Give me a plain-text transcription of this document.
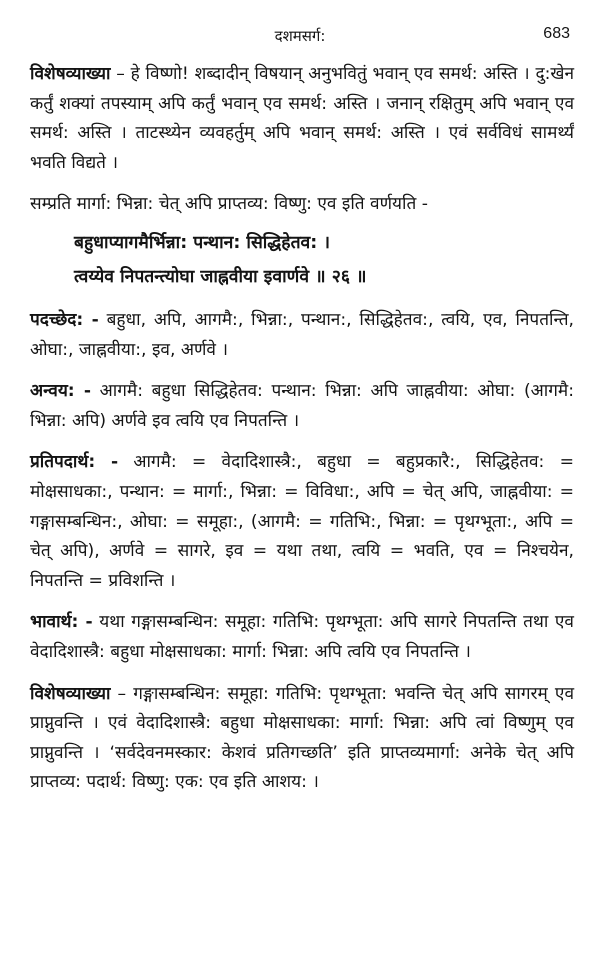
दशमसर्ग:	683

विशेषव्याख्या – हे विष्णो! शब्दादीन् विषयान् अनुभवितुं भवान् एव समर्थ: अस्ति । दु:खेन कर्तुं शक्यां तपस्याम् अपि कर्तुं भवान् एव समर्थ: अस्ति । जनान् रक्षितुम् अपि भवान् एव समर्थ: अस्ति । ताटस्थ्येन व्यवहर्तुम् अपि भवान् समर्थ: अस्ति । एवं सर्वविधं सामर्थ्यं भवति विद्यते ।

सम्प्रति मार्गा: भिन्ना: चेत् अपि प्राप्तव्य: विष्णु: एव इति वर्णयति -

बहुधाप्यागमैर्भिन्ना: पन्थान: सिद्धिहेतव: ।
त्वय्येव निपतन्त्योघा जाह्नवीया इवार्णवे ॥ २६ ॥

पदच्छेद: - बहुधा, अपि, आगमै:, भिन्ना:, पन्थान:, सिद्धिहेतव:, त्वयि, एव, निपतन्ति, ओघा:, जाह्नवीया:, इव, अर्णवे ।

अन्वय: - आगमै: बहुधा सिद्धिहेतव: पन्थान: भिन्ना: अपि जाह्नवीया: ओघा: (आगमै: भिन्ना: अपि) अर्णवे इव त्वयि एव निपतन्ति ।

प्रतिपदार्थ: - आगमै: = वेदादिशास्त्रै:, बहुधा = बहुप्रकारै:, सिद्धिहेतव: = मोक्षसाधका:, पन्थान: = मार्गा:, भिन्ना: = विविधा:, अपि = चेत् अपि, जाह्नवीया: = गङ्गासम्बन्धिन:, ओघा: = समूहा:, (आगमै: = गतिभि:, भिन्ना: = पृथग्भूता:, अपि = चेत् अपि), अर्णवे = सागरे, इव = यथा तथा, त्वयि = भवति, एव = निश्चयेन, निपतन्ति = प्रविशन्ति ।

भावार्थ: - यथा गङ्गासम्बन्धिन: समूहा: गतिभि: पृथग्भूता: अपि सागरे निपतन्ति तथा एव वेदादिशास्त्रै: बहुधा मोक्षसाधका: मार्गा: भिन्ना: अपि त्वयि एव निपतन्ति ।

विशेषव्याख्या – गङ्गासम्बन्धिन: समूहा: गतिभि: पृथग्भूता: भवन्ति चेत् अपि सागरम् एव प्राप्नुवन्ति । एवं वेदादिशास्त्रै: बहुधा मोक्षसाधका: मार्गा: भिन्ना: अपि त्वां विष्णुम् एव प्राप्नुवन्ति । ‘सर्वदेवनमस्कार: केशवं प्रतिगच्छति’ इति प्राप्तव्यमार्गा: अनेके चेत् अपि प्राप्तव्य: पदार्थ: विष्णु: एक: एव इति आशय: ।
